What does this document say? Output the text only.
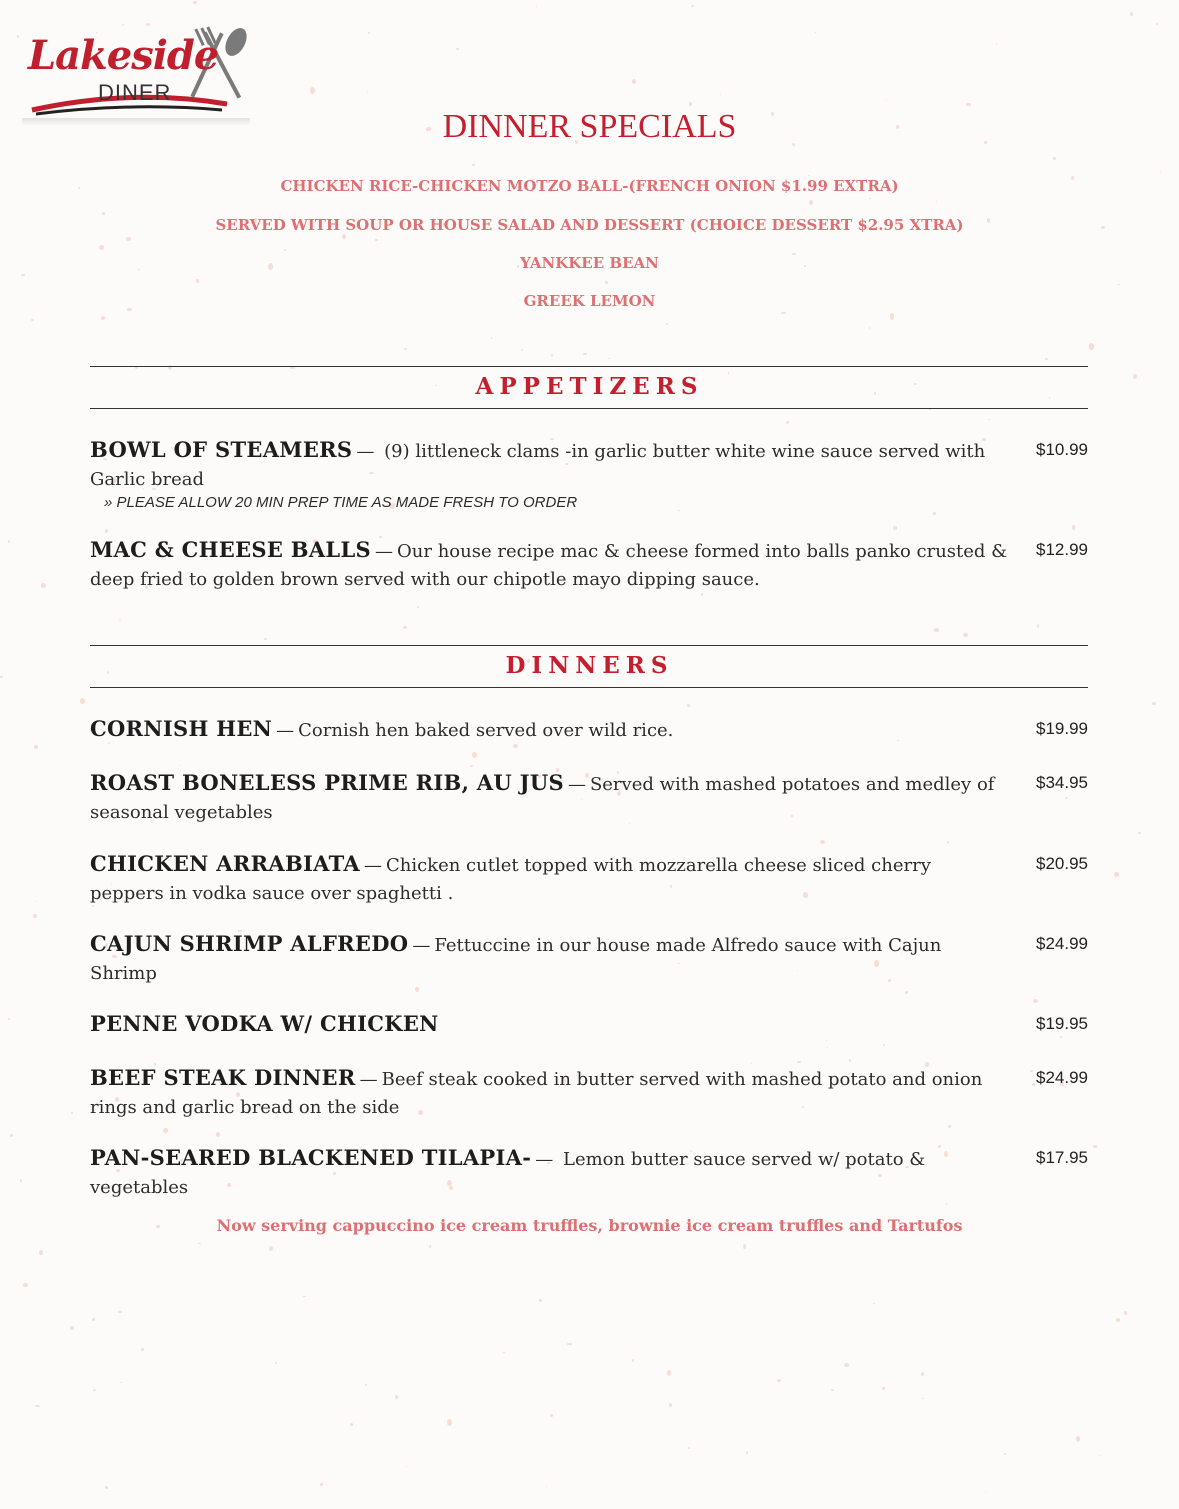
Lakeside
DINER
DINNER SPECIALS
CHICKEN RICE-CHICKEN MOTZO BALL-(FRENCH ONION $1.99 EXTRA)
SERVED WITH SOUP OR HOUSE SALAD AND DESSERT (CHOICE DESSERT $2.95 XTRA)
YANKKEE BEAN
GREEK LEMON
APPETIZERS
BOWL OF STEAMERS — (9) littleneck clams -in garlic butter white wine sauce served with Garlic bread
» PLEASE ALLOW 20 MIN PREP TIME AS MADE FRESH TO ORDER
$10.99
MAC & CHEESE BALLS — Our house recipe mac & cheese formed into balls panko crusted & deep fried to golden brown served with our chipotle mayo dipping sauce.
$12.99
DINNERS
CORNISH HEN — Cornish hen baked served over wild rice.	$19.99
ROAST BONELESS PRIME RIB, AU JUS — Served with mashed potatoes and medley of seasonal vegetables
$34.95
CHICKEN ARRABIATA — Chicken cutlet topped with mozzarella cheese sliced cherry peppers in vodka sauce over spaghetti .
$20.95
CAJUN SHRIMP ALFREDO — Fettuccine in our house made Alfredo sauce with Cajun Shrimp
$24.99
PENNE VODKA W/ CHICKEN	$19.95
BEEF STEAK DINNER — Beef steak cooked in butter served with mashed potato and onion rings and garlic bread on the side
$24.99
PAN-SEARED BLACKENED TILAPIA- — Lemon butter sauce served w/ potato & vegetables
$17.95
Now serving cappuccino ice cream truffles, brownie ice cream truffles and Tartufos
